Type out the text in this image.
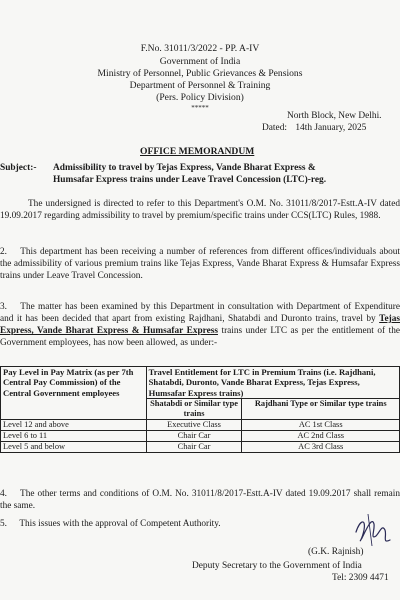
F.No. 31011/3/2022 - PP. A-IV
Government of India
Ministry of Personnel, Public Grievances & Pensions
Department of Personnel & Training
(Pers. Policy Division)
*****
North Block, New Delhi.
Dated: 14th January, 2025
OFFICE MEMORANDUM
Subject:- Admissibility to travel by Tejas Express, Vande Bharat Express &
Humsafar Express trains under Leave Travel Concession (LTC)-reg.
The undersigned is directed to refer to this Department's O.M. No. 31011/8/2017-Estt.A-IV dated 19.09.2017 regarding admissibility to travel by premium/specific trains under CCS(LTC) Rules, 1988.
2. This department has been receiving a number of references from different offices/individuals about the admissibility of various premium trains like Tejas Express, Vande Bharat Express & Humsafar Express trains under Leave Travel Concession.
3. The matter has been examined by this Department in consultation with Department of Expenditure and it has been decided that apart from existing Rajdhani, Shatabdi and Duronto trains, travel by Tejas Express, Vande Bharat Express & Humsafar Express trains under LTC as per the entitlement of the Government employees, has now been allowed, as under:-
Pay Level in Pay Matrix (as per 7th Central Pay Commission) of the Central Government employees	Travel Entitlement for LTC in Premium Trains (i.e. Rajdhani, Shatabdi, Duronto, Vande Bharat Express, Tejas Express, Humsafar Express trains)	
	Shatabdi or Similar type trains	Rajdhani Type or Similar type trains
Level 12 and above	Executive Class	AC 1st Class
Level 6 to 11	Chair Car	AC 2nd Class
Level 5 and below	Chair Car	AC 3rd Class
4. The other terms and conditions of O.M. No. 31011/8/2017-Estt.A-IV dated 19.09.2017 shall remain the same.
5. This issues with the approval of Competent Authority.
(G.K. Rajnish)
Deputy Secretary to the Government of India
Tel: 2309 4471
